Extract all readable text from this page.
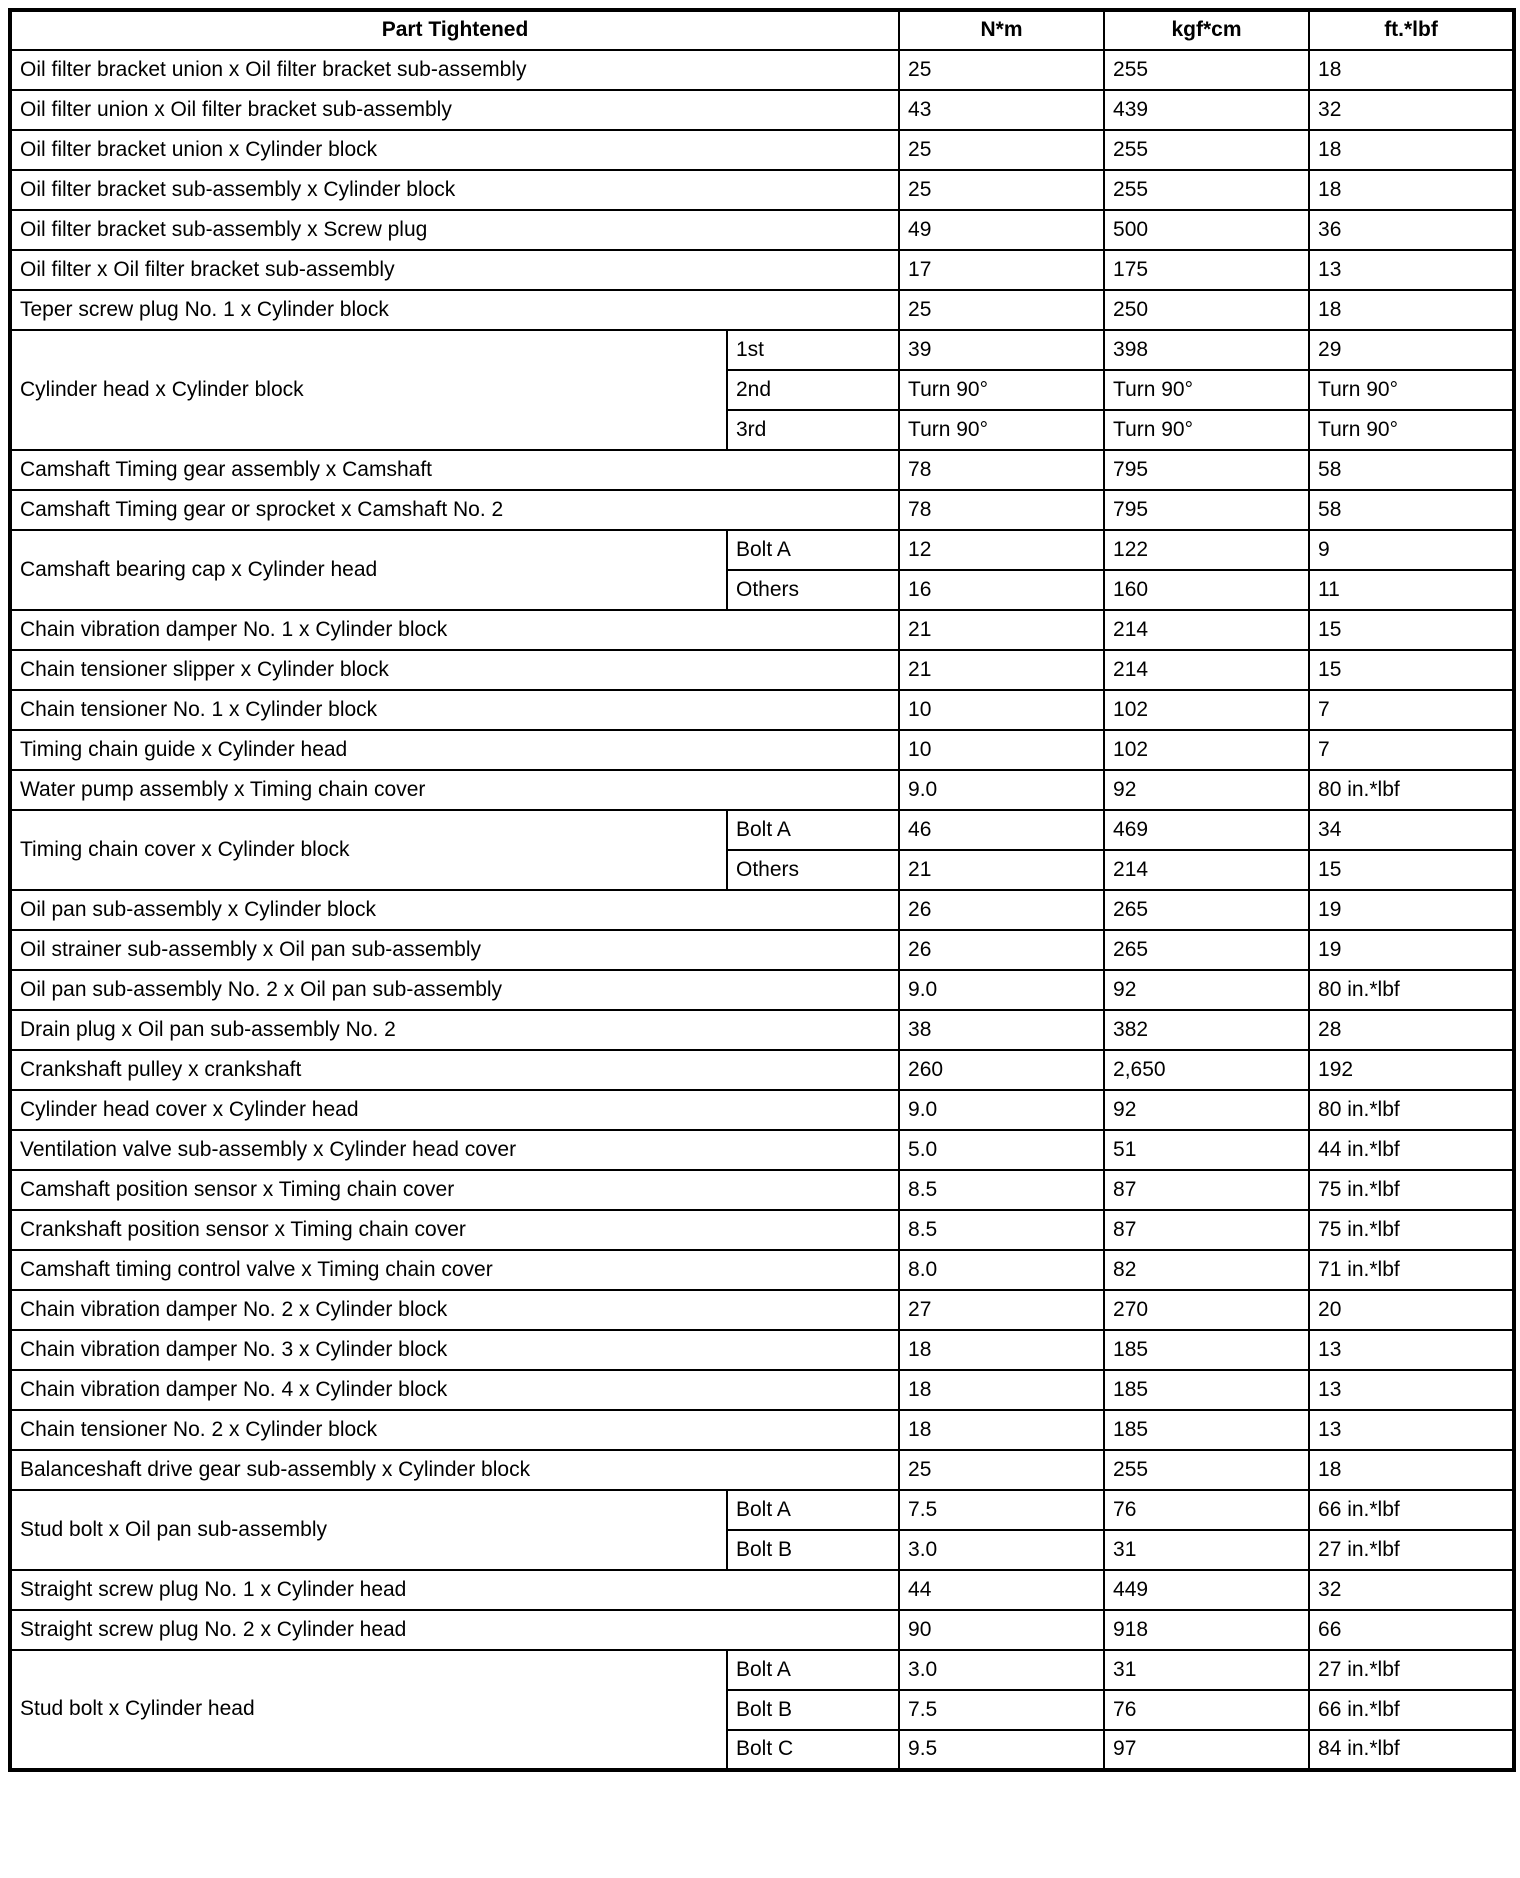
Part Tightened		N*m	kgf*cm	ft.*lbf
Oil filter bracket union x Oil filter bracket sub-assembly		25	255	18
Oil filter union x Oil filter bracket sub-assembly		43	439	32
Oil filter bracket union x Cylinder block		25	255	18
Oil filter bracket sub-assembly x Cylinder block		25	255	18
Oil filter bracket sub-assembly x Screw plug		49	500	36
Oil filter x Oil filter bracket sub-assembly		17	175	13
Teper screw plug No. 1 x Cylinder block		25	250	18
Cylinder head x Cylinder block	1st	39	398	29
	2nd	Turn 90°	Turn 90°	Turn 90°
	3rd	Turn 90°	Turn 90°	Turn 90°
Camshaft Timing gear assembly x Camshaft		78	795	58
Camshaft Timing gear or sprocket x Camshaft No. 2		78	795	58
Camshaft bearing cap x Cylinder head	Bolt A	12	122	9
	Others	16	160	11
Chain vibration damper No. 1 x Cylinder block		21	214	15
Chain tensioner slipper x Cylinder block		21	214	15
Chain tensioner No. 1 x Cylinder block		10	102	7
Timing chain guide x Cylinder head		10	102	7
Water pump assembly x Timing chain cover		9.0	92	80 in.*lbf
Timing chain cover x Cylinder block	Bolt A	46	469	34
	Others	21	214	15
Oil pan sub-assembly x Cylinder block		26	265	19
Oil strainer sub-assembly x Oil pan sub-assembly		26	265	19
Oil pan sub-assembly No. 2 x Oil pan sub-assembly		9.0	92	80 in.*lbf
Drain plug x Oil pan sub-assembly No. 2		38	382	28
Crankshaft pulley x crankshaft		260	2,650	192
Cylinder head cover x Cylinder head		9.0	92	80 in.*lbf
Ventilation valve sub-assembly x Cylinder head cover		5.0	51	44 in.*lbf
Camshaft position sensor x Timing chain cover		8.5	87	75 in.*lbf
Crankshaft position sensor x Timing chain cover		8.5	87	75 in.*lbf
Camshaft timing control valve x Timing chain cover		8.0	82	71 in.*lbf
Chain vibration damper No. 2 x Cylinder block		27	270	20
Chain vibration damper No. 3 x Cylinder block		18	185	13
Chain vibration damper No. 4 x Cylinder block		18	185	13
Chain tensioner No. 2 x Cylinder block		18	185	13
Balanceshaft drive gear sub-assembly x Cylinder block		25	255	18
Stud bolt x Oil pan sub-assembly	Bolt A	7.5	76	66 in.*lbf
	Bolt B	3.0	31	27 in.*lbf
Straight screw plug No. 1 x Cylinder head		44	449	32
Straight screw plug No. 2 x Cylinder head		90	918	66
Stud bolt x Cylinder head	Bolt A	3.0	31	27 in.*lbf
	Bolt B	7.5	76	66 in.*lbf
	Bolt C	9.5	97	84 in.*lbf
